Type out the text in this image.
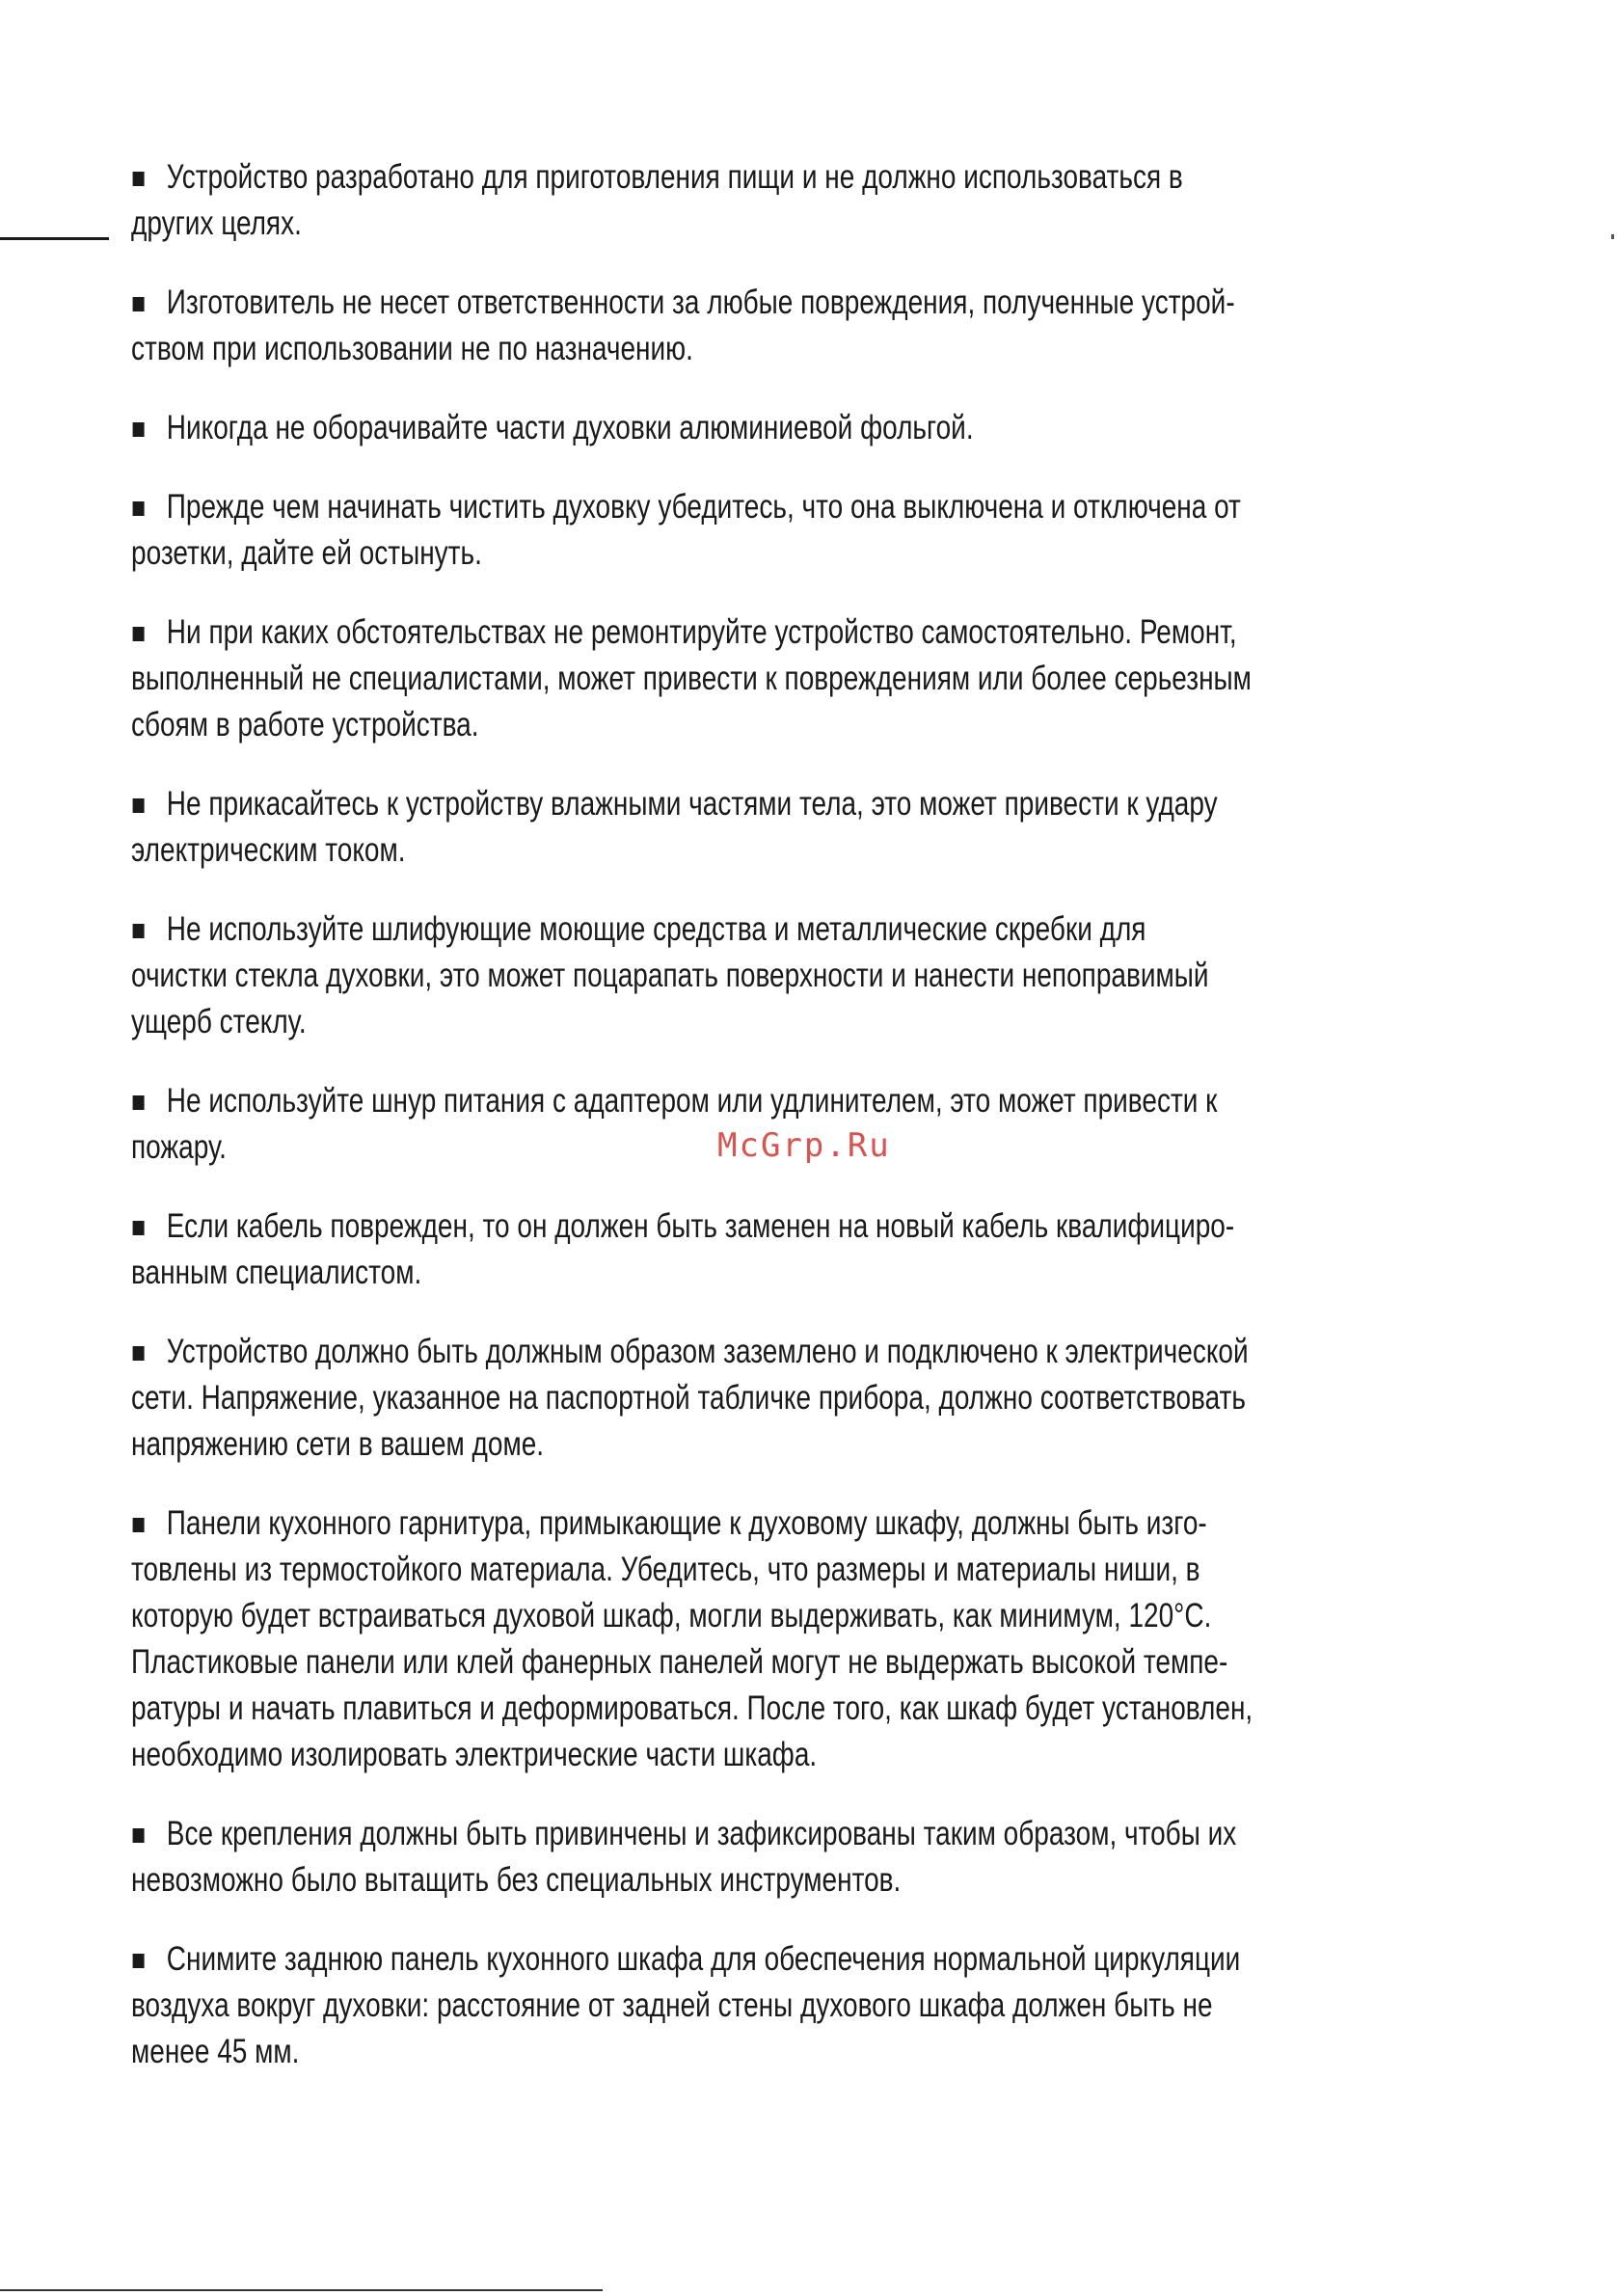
Устройство разработано для приготовления пищи и не должно использоваться в
других целях.

Изготовитель не несет ответственности за любые повреждения, полученные устрой-
ством при использовании не по назначению.

Никогда не оборачивайте части духовки алюминиевой фольгой.

Прежде чем начинать чистить духовку убедитесь, что она выключена и отключена от
розетки, дайте ей остынуть.

Ни при каких обстоятельствах не ремонтируйте устройство самостоятельно. Ремонт,
выполненный не специалистами, может привести к повреждениям или более серьезным
сбоям в работе устройства.

Не прикасайтесь к устройству влажными частями тела, это может привести к удару
электрическим током.

Не используйте шлифующие моющие средства и металлические скребки для
очистки стекла духовки, это может поцарапать поверхности и нанести непоправимый
ущерб стеклу.

Не используйте шнур питания с адаптером или удлинителем, это может привести к
пожару.

Если кабель поврежден, то он должен быть заменен на новый кабель квалифициро-
ванным специалистом.

Устройство должно быть должным образом заземлено и подключено к электрической
сети. Напряжение, указанное на паспортной табличке прибора, должно соответствовать
напряжению сети в вашем доме.

Панели кухонного гарнитура, примыкающие к духовому шкафу, должны быть изго-
товлены из термостойкого материала. Убедитесь, что размеры и материалы ниши, в
которую будет встраиваться духовой шкаф, могли выдерживать, как минимум, 120°С.
Пластиковые панели или клей фанерных панелей могут не выдержать высокой темпе-
ратуры и начать плавиться и деформироваться. После того, как шкаф будет установлен,
необходимо изолировать электрические части шкафа.

Все крепления должны быть привинчены и зафиксированы таким образом, чтобы их
невозможно было вытащить без специальных инструментов.

Снимите заднюю панель кухонного шкафа для обеспечения нормальной циркуляции
воздуха вокруг духовки: расстояние от задней стены духового шкафа должен быть не
менее 45 мм.

McGrp.Ru
